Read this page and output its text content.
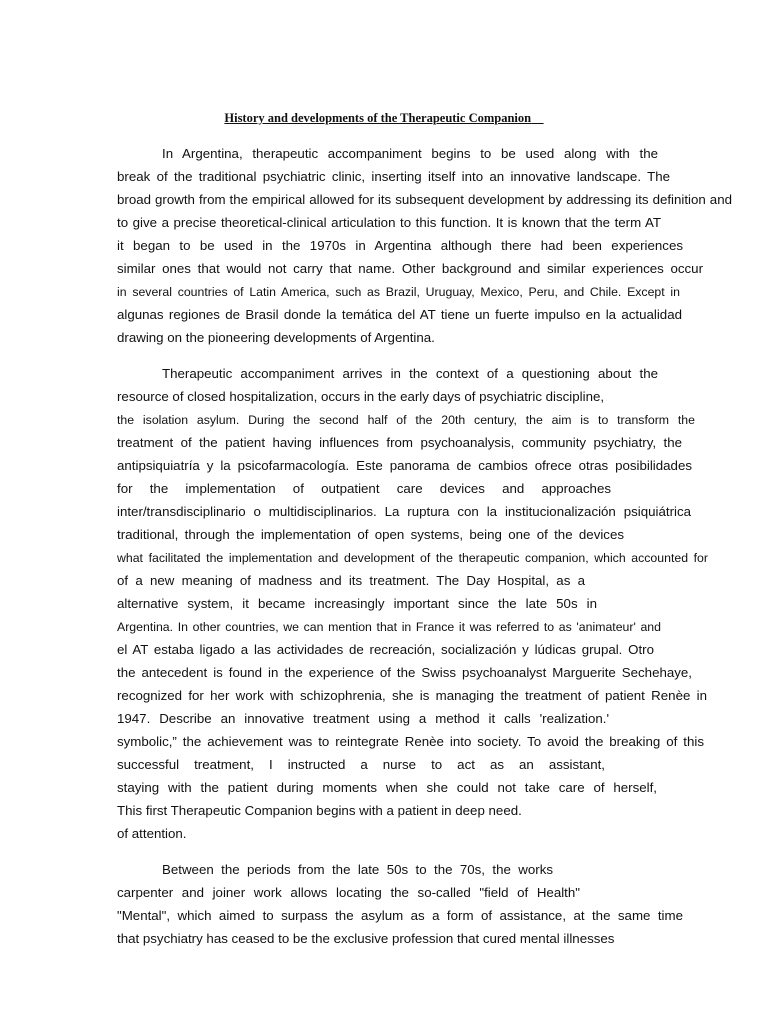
History and developments of the Therapeutic Companion

In Argentina, therapeutic accompaniment begins to be used along with the

break of the traditional psychiatric clinic, inserting itself into an innovative landscape. The

broad growth from the empirical allowed for its subsequent development by addressing its definition and

to give a precise theoretical-clinical articulation to this function. It is known that the term AT

it began to be used in the 1970s in Argentina although there had been experiences

similar ones that would not carry that name. Other background and similar experiences occur

in several countries of Latin America, such as Brazil, Uruguay, Mexico, Peru, and Chile. Except in

algunas regiones de Brasil donde la temática del AT tiene un fuerte impulso en la actualidad

drawing on the pioneering developments of Argentina.

Therapeutic accompaniment arrives in the context of a questioning about the

resource of closed hospitalization, occurs in the early days of psychiatric discipline,

the isolation asylum. During the second half of the 20th century, the aim is to transform the

treatment of the patient having influences from psychoanalysis, community psychiatry, the

antipsiquiatría y la psicofarmacología. Este panorama de cambios ofrece otras posibilidades

for the implementation of outpatient care devices and approaches

inter/transdisciplinario o multidisciplinarios. La ruptura con la institucionalización psiquiátrica

traditional, through the implementation of open systems, being one of the devices

what facilitated the implementation and development of the therapeutic companion, which accounted for

of a new meaning of madness and its treatment. The Day Hospital, as a

alternative system, it became increasingly important since the late 50s in

Argentina. In other countries, we can mention that in France it was referred to as 'animateur' and

el AT estaba ligado a las actividades de recreación, socialización y lúdicas grupal. Otro

the antecedent is found in the experience of the Swiss psychoanalyst Marguerite Sechehaye,

recognized for her work with schizophrenia, she is managing the treatment of patient Renèe in

1947. Describe an innovative treatment using a method it calls 'realization.'

symbolic,” the achievement was to reintegrate Renèe into society. To avoid the breaking of this

successful treatment, I instructed a nurse to act as an assistant,

staying with the patient during moments when she could not take care of herself,

This first Therapeutic Companion begins with a patient in deep need.

of attention.

Between the periods from the late 50s to the 70s, the works

carpenter and joiner work allows locating the so-called "field of Health"

"Mental", which aimed to surpass the asylum as a form of assistance, at the same time

that psychiatry has ceased to be the exclusive profession that cured mental illnesses
